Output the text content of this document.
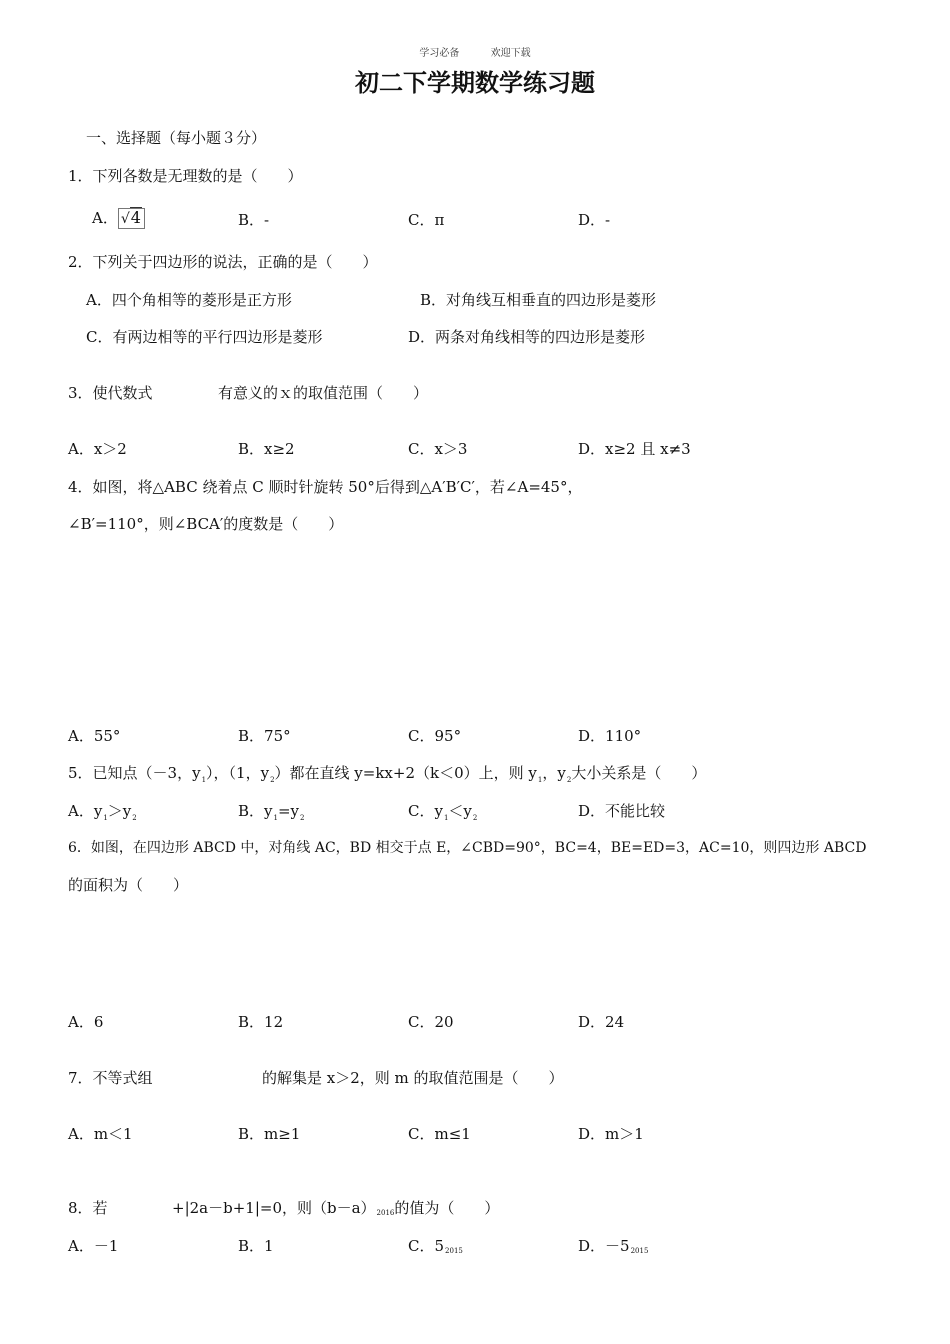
学习必备	欢迎下载
初二下学期数学练习题
一、选择题（每小题３分）
1．下列各数是无理数的是（　　）
A． √4	B．-	C．π	D．-
2．下列关于四边形的说法，正确的是（　　）
A．四个角相等的菱形是正方形	B．对角线互相垂直的四边形是菱形
C．有两边相等的平行四边形是菱形	D．两条对角线相等的四边形是菱形
3．使代数式	有意义的ｘ的取值范围（　　）
A．x＞2	B．x≥2	C．x＞3	D．x≥2 且 x≠3
4．如图，将△ABC 绕着点 C 顺时针旋转 50°后得到△A′B′C′，若∠A=45°，
∠B′=110°，则∠BCA′的度数是（　　）
A．55°	B．75°	C．95°	D．110°
5．已知点（－3，$y_1$），（1，$y_2$）都在直线 y=kx+2（k＜0）上，则 $y_1$，$y_2$大小关系是（　　）
A．$y_1>y_2$	B．$y_1=y_2$	C．$y_1<y_2$	D．不能比较
6．如图，在四边形 ABCD 中，对角线 AC，BD 相交于点 E，∠CBD=90°，BC=4，BE=ED=3，AC=10，则四边形 ABCD
的面积为（　　）
A．6	B．12	C．20	D．24
7．不等式组	的解集是 x＞2，则 m 的取值范围是（　　）
A．m＜1	B．m≥1	C．m≤1	D．m＞1
8．若	+|2a－b+1|=0，则$(b-a)_{2016}$的值为（　　）
A．－1	B．1	C．$5_{2015}$	D．$-5_{2015}$
